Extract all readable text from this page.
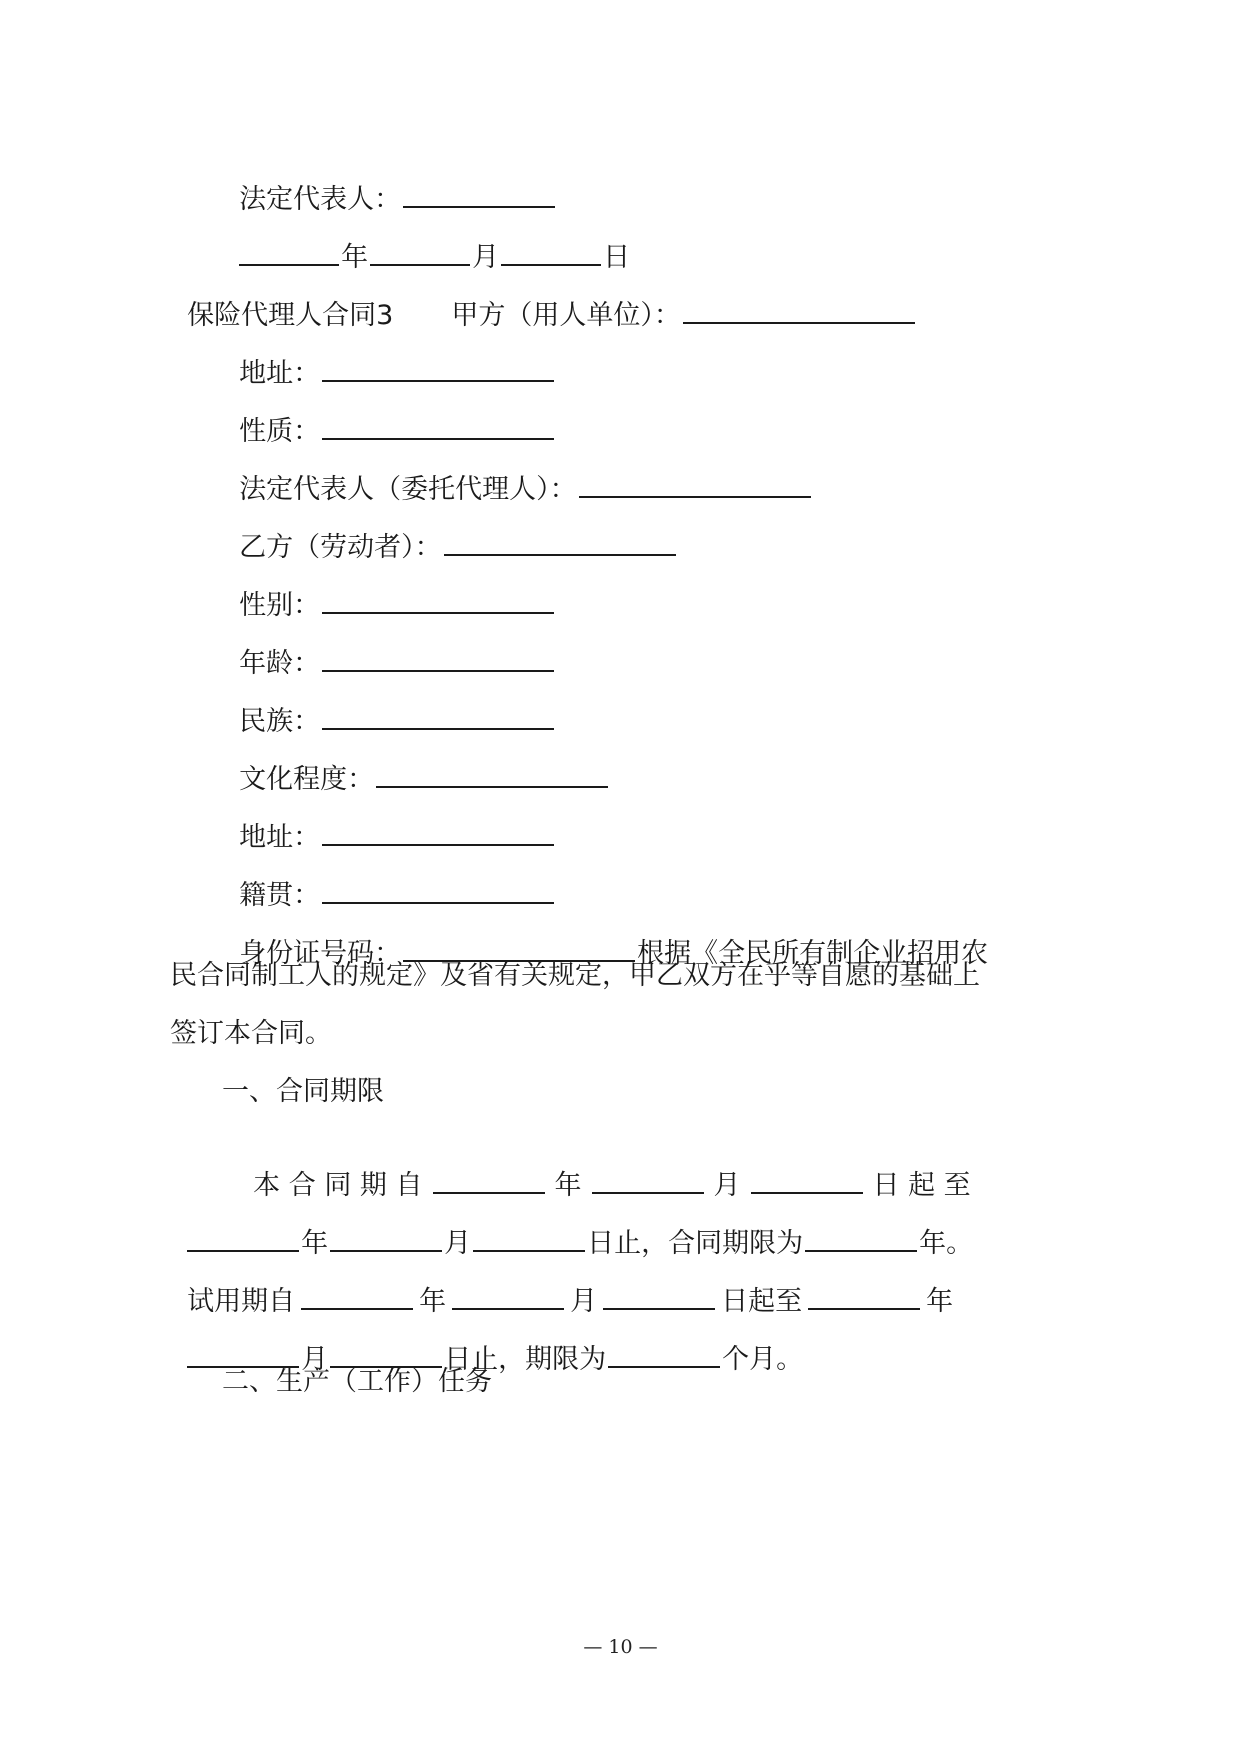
法定代表人：

年	月	日

保险代理人合同3 甲方（用人单位）：

地址：

性质：

法定代表人（委托代理人）：

乙方（劳动者）：

性别：

年龄：

民族：

文化程度：

地址：

籍贯：

身份证号码：	根据《全民所有制企业招用农

民合同制工人的规定》及省有关规定，甲乙双方在乎等自愿的基础上
签订本合同。
一、合同期限

本 合 同 期 自	年	月	日 起 至

年	月	日止，合同期限为	年。

试用期自	年	月	日起至	年

月	日止，期限为	个月。

二、生产（工作）任务
— 10 —
